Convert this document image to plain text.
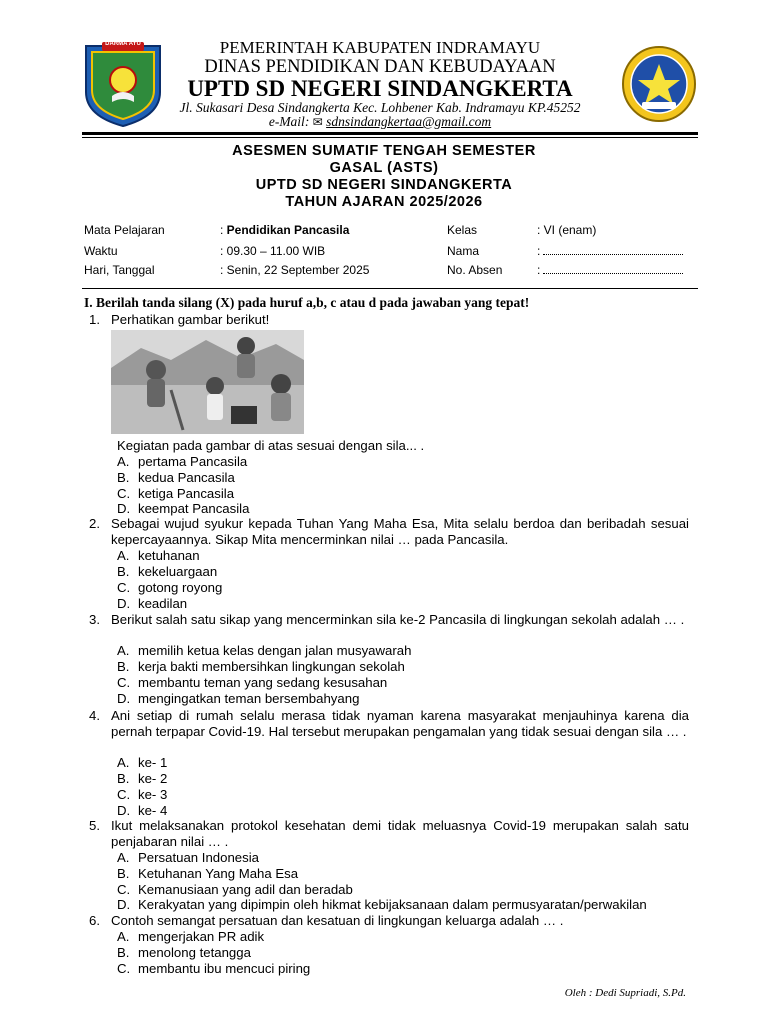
DARMA AYU	PEMERINTAH KABUPATEN INDRAMAYU
DINAS PENDIDIKAN DAN KEBUDAYAAN
UPTD SD NEGERI SINDANGKERTA
Jl. Sukasari Desa Sindangkerta Kec. Lohbener Kab. Indramayu KP.45252
e-Mail: ✉ sdnsindangkertaa@gmail.com
ASESMEN SUMATIF TENGAH SEMESTER
GASAL (ASTS)
UPTD SD NEGERI SINDANGKERTA
TAHUN AJARAN 2025/2026
Mata Pelajaran	: Pendidikan Pancasila
Waktu	: 09.30 – 11.00 WIB
Hari, Tanggal	: Senin, 22 September 2025
Kelas	: VI (enam)
Nama	:
No. Absen	:
I. Berilah tanda silang (X) pada huruf a,b, c atau d pada jawaban yang tepat!
1. Perhatikan gambar berikut!
Kegiatan pada gambar di atas sesuai dengan sila... .
2. Sebagai wujud syukur kepada Tuhan Yang Maha Esa, Mita selalu berdoa dan beribadah sesuai kepercayaannya. Sikap Mita mencerminkan nilai … pada Pancasila.
3. Berikut salah satu sikap yang mencerminkan sila ke-2 Pancasila di lingkungan sekolah adalah … .
4. Ani setiap di rumah selalu merasa tidak nyaman karena masyarakat menjauhinya karena dia pernah terpapar Covid-19. Hal tersebut merupakan pengamalan yang tidak sesuai dengan sila … .
5. Ikut melaksanakan protokol kesehatan demi tidak meluasnya Covid-19 merupakan salah satu penjabaran nilai … .
6. Contoh semangat persatuan dan kesatuan di lingkungan keluarga adalah … .
A. pertama Pancasila
B. kedua Pancasila
C. ketiga Pancasila
D. keempat Pancasila
A. ketuhanan
B. kekeluargaan
C. gotong royong
D. keadilan
A. memilih ketua kelas dengan jalan musyawarah
B. kerja bakti membersihkan lingkungan sekolah
C. membantu teman yang sedang kesusahan
D. mengingatkan teman bersembahyang
A. ke- 1
B. ke- 2
C. ke- 3
D. ke- 4
A. Persatuan Indonesia
B. Ketuhanan Yang Maha Esa
C. Kemanusiaan yang adil dan beradab
D. Kerakyatan yang dipimpin oleh hikmat kebijaksanaan dalam permusyaratan/perwakilan
A. mengerjakan PR adik
B. menolong tetangga
C. membantu ibu mencuci piring
Oleh : Dedi Supriadi, S.Pd.
